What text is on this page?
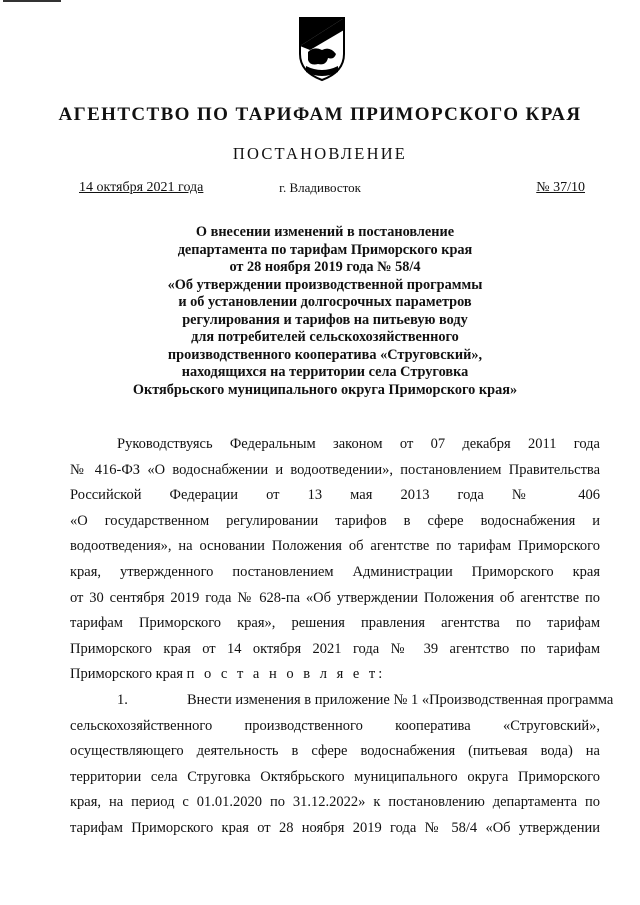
АГЕНТСТВО ПО ТАРИФАМ ПРИМОРСКОГО КРАЯ
ПОСТАНОВЛЕНИЕ
14 октября 2021 года	г. Владивосток	№ 37/10
О внесении изменений в постановление
департамента по тарифам Приморского края
от 28 ноября 2019 года № 58/4
«Об утверждении производственной программы
и об установлении долгосрочных параметров
регулирования и тарифов на питьевую воду
для потребителей сельскохозяйственного
производственного кооператива «Струговский»,
находящихся на территории села Струговка
Октябрьского муниципального округа Приморского края»
Руководствуясь Федеральным законом от 07 декабря 2011 года
№ 416-ФЗ «О водоснабжении и водоотведении», постановлением Правительства
Российской Федерации от 13 мая 2013 года № 406
«О государственном регулировании тарифов в сфере водоснабжения и
водоотведения», на основании Положения об агентстве по тарифам Приморского
края, утвержденного постановлением Администрации Приморского края
от 30 сентября 2019 года № 628-па «Об утверждении Положения об агентстве по
тарифам Приморского края», решения правления агентства по тарифам
Приморского края от 14 октября 2021 года № 39 агентство по тарифам
Приморского края п о с т а н о в л я е т:
1.	Внести изменения в приложение № 1 «Производственная программа
сельскохозяйственного производственного кооператива «Струговский»,
осуществляющего деятельность в сфере водоснабжения (питьевая вода) на
территории села Струговка Октябрьского муниципального округа Приморского
края, на период с 01.01.2020 по 31.12.2022» к постановлению департамента по
тарифам Приморского края от 28 ноября 2019 года № 58/4 «Об утверждении
